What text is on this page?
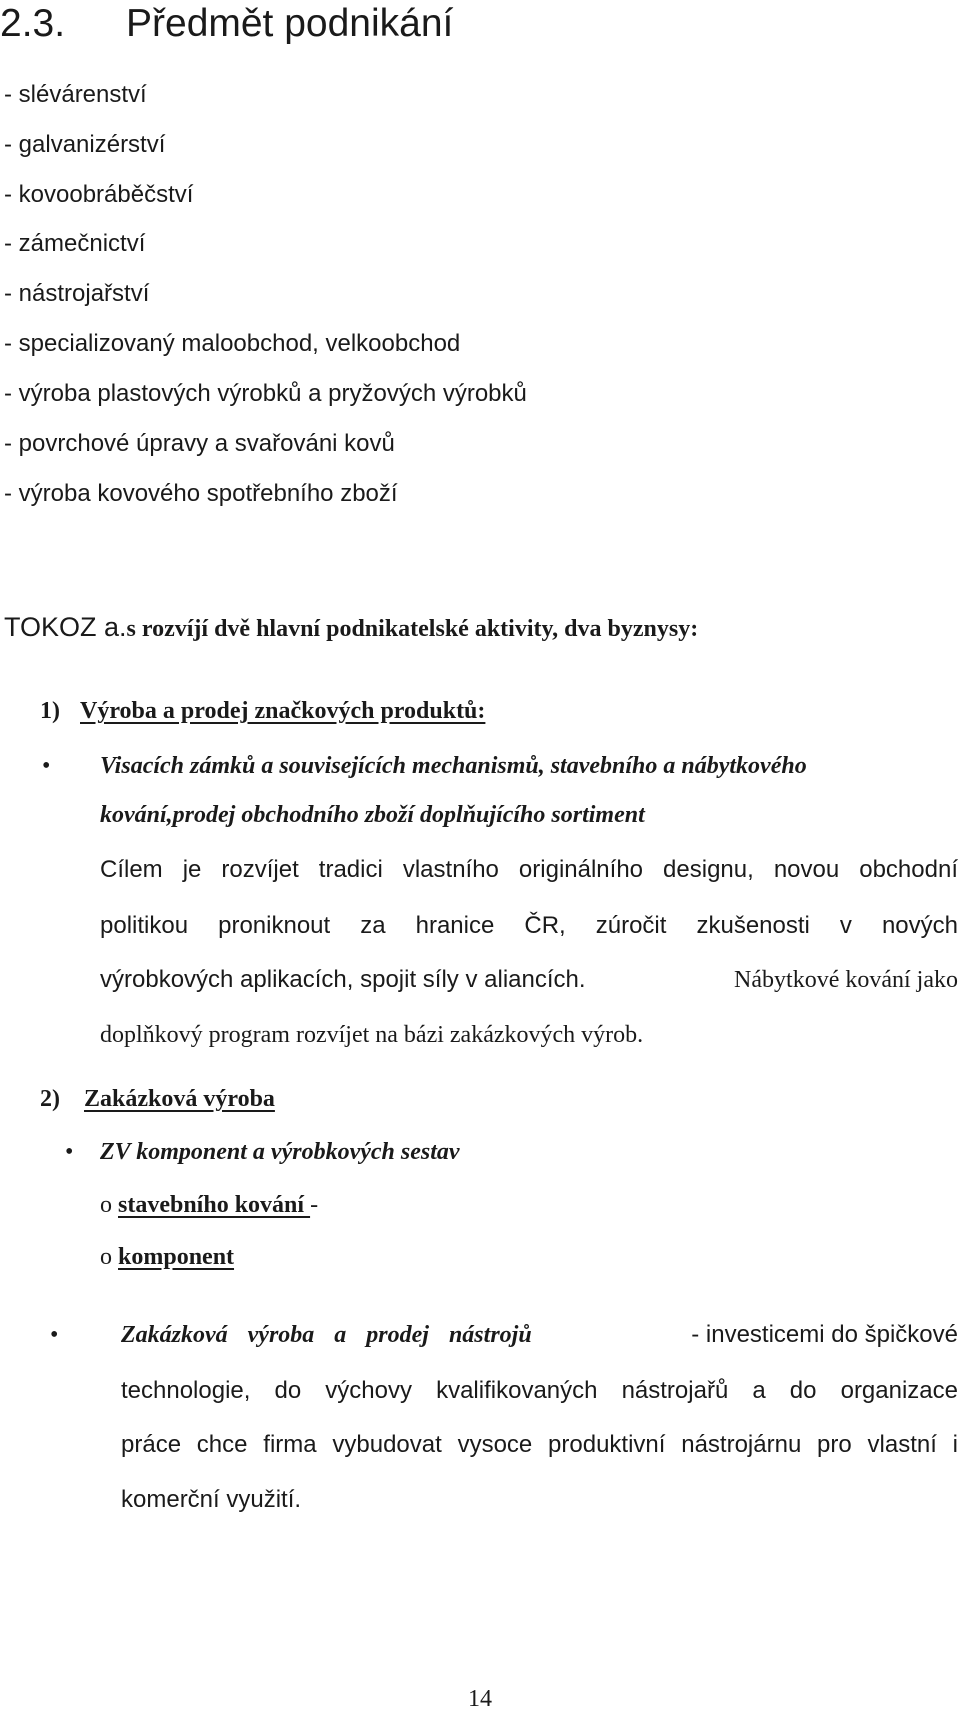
2.3. Předmět podnikání
- slévárenství
- galvanizérství
- kovoobráběčství
- zámečnictví
- nástrojařství
- specializovaný maloobchod, velkoobchod
- výroba plastových výrobků a pryžových výrobků
- povrchové úpravy a svařováni kovů
- výroba kovového spotřebního zboží
TOKOZ a.s rozvíjí dvě hlavní podnikatelské aktivity, dva byznysy:
1) Výroba a prodej značkových produktů:
• Visacích zámků a souvisejících mechanismů, stavebního a nábytkového
kování,prodej obchodního zboží doplňujícího sortiment
Cílem je rozvíjet tradici vlastního originálního designu, novou obchodní
politikou proniknout za hranice ČR, zúročit zkušenosti v nových
výrobkových aplikacích, spojit síly v aliancích.	Nábytkové kování jako
doplňkový program rozvíjet na bázi zakázkových výrob.
2) Zakázková výroba
• ZV komponent a výrobkových sestav
o stavebního kování -
o komponent
•	Zakázková výroba a prodej nástrojů	- investicemi do špičkové
technologie, do výchovy kvalifikovaných nástrojařů a do organizace
práce chce firma vybudovat vysoce produktivní nástrojárnu pro vlastní i
komerční využití.
14
